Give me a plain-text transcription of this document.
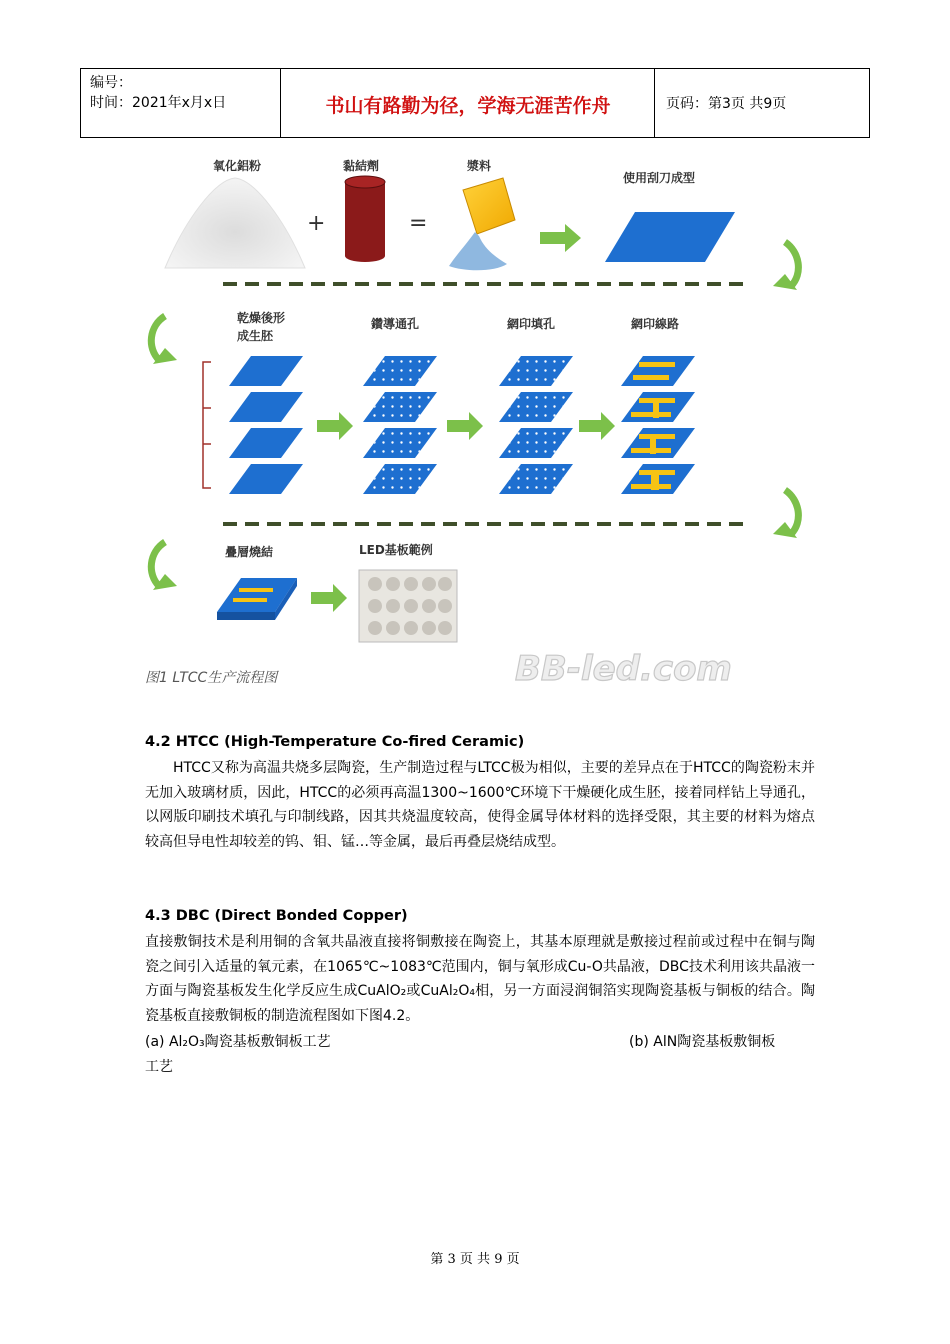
编号：
时间：2021年x月x日	书山有路勤为径，学海无涯苦作舟	页码：第3页 共9页
氧化鋁粉
+
黏結劑
=
漿料
使用刮刀成型
乾燥後形
成生胚
鑽導通孔	網印填孔	網印線路
疊層燒結	LED基板範例
BB-led.com
图1 LTCC生产流程图
4.2 HTCC (High-Temperature Co-fired Ceramic)
HTCC又称为高温共烧多层陶瓷，生产制造过程与LTCC极为相似，主要的差异点在于HTCC的陶瓷粉末并无加入玻璃材质，因此，HTCC的必须再高温1300~1600℃环境下干燥硬化成生胚，接着同样钻上导通孔，以网版印刷技术填孔与印制线路，因其共烧温度较高，使得金属导体材料的选择受限，其主要的材料为熔点较高但导电性却较差的钨、钼、锰…等金属，最后再叠层烧结成型。
4.3 DBC (Direct Bonded Copper)
直接敷铜技术是利用铜的含氧共晶液直接将铜敷接在陶瓷上，其基本原理就是敷接过程前或过程中在铜与陶瓷之间引入适量的氧元素，在1065℃~1083℃范围内，铜与氧形成Cu-O共晶液，DBC技术利用该共晶液一方面与陶瓷基板发生化学反应生成CuAlO₂或CuAl₂O₄相，另一方面浸润铜箔实现陶瓷基板与铜板的结合。陶瓷基板直接敷铜板的制造流程图如下图4.2。
(a) Al₂O₃陶瓷基板敷铜板工艺	(b) AlN陶瓷基板敷铜板
工艺
第 3 页 共 9 页
